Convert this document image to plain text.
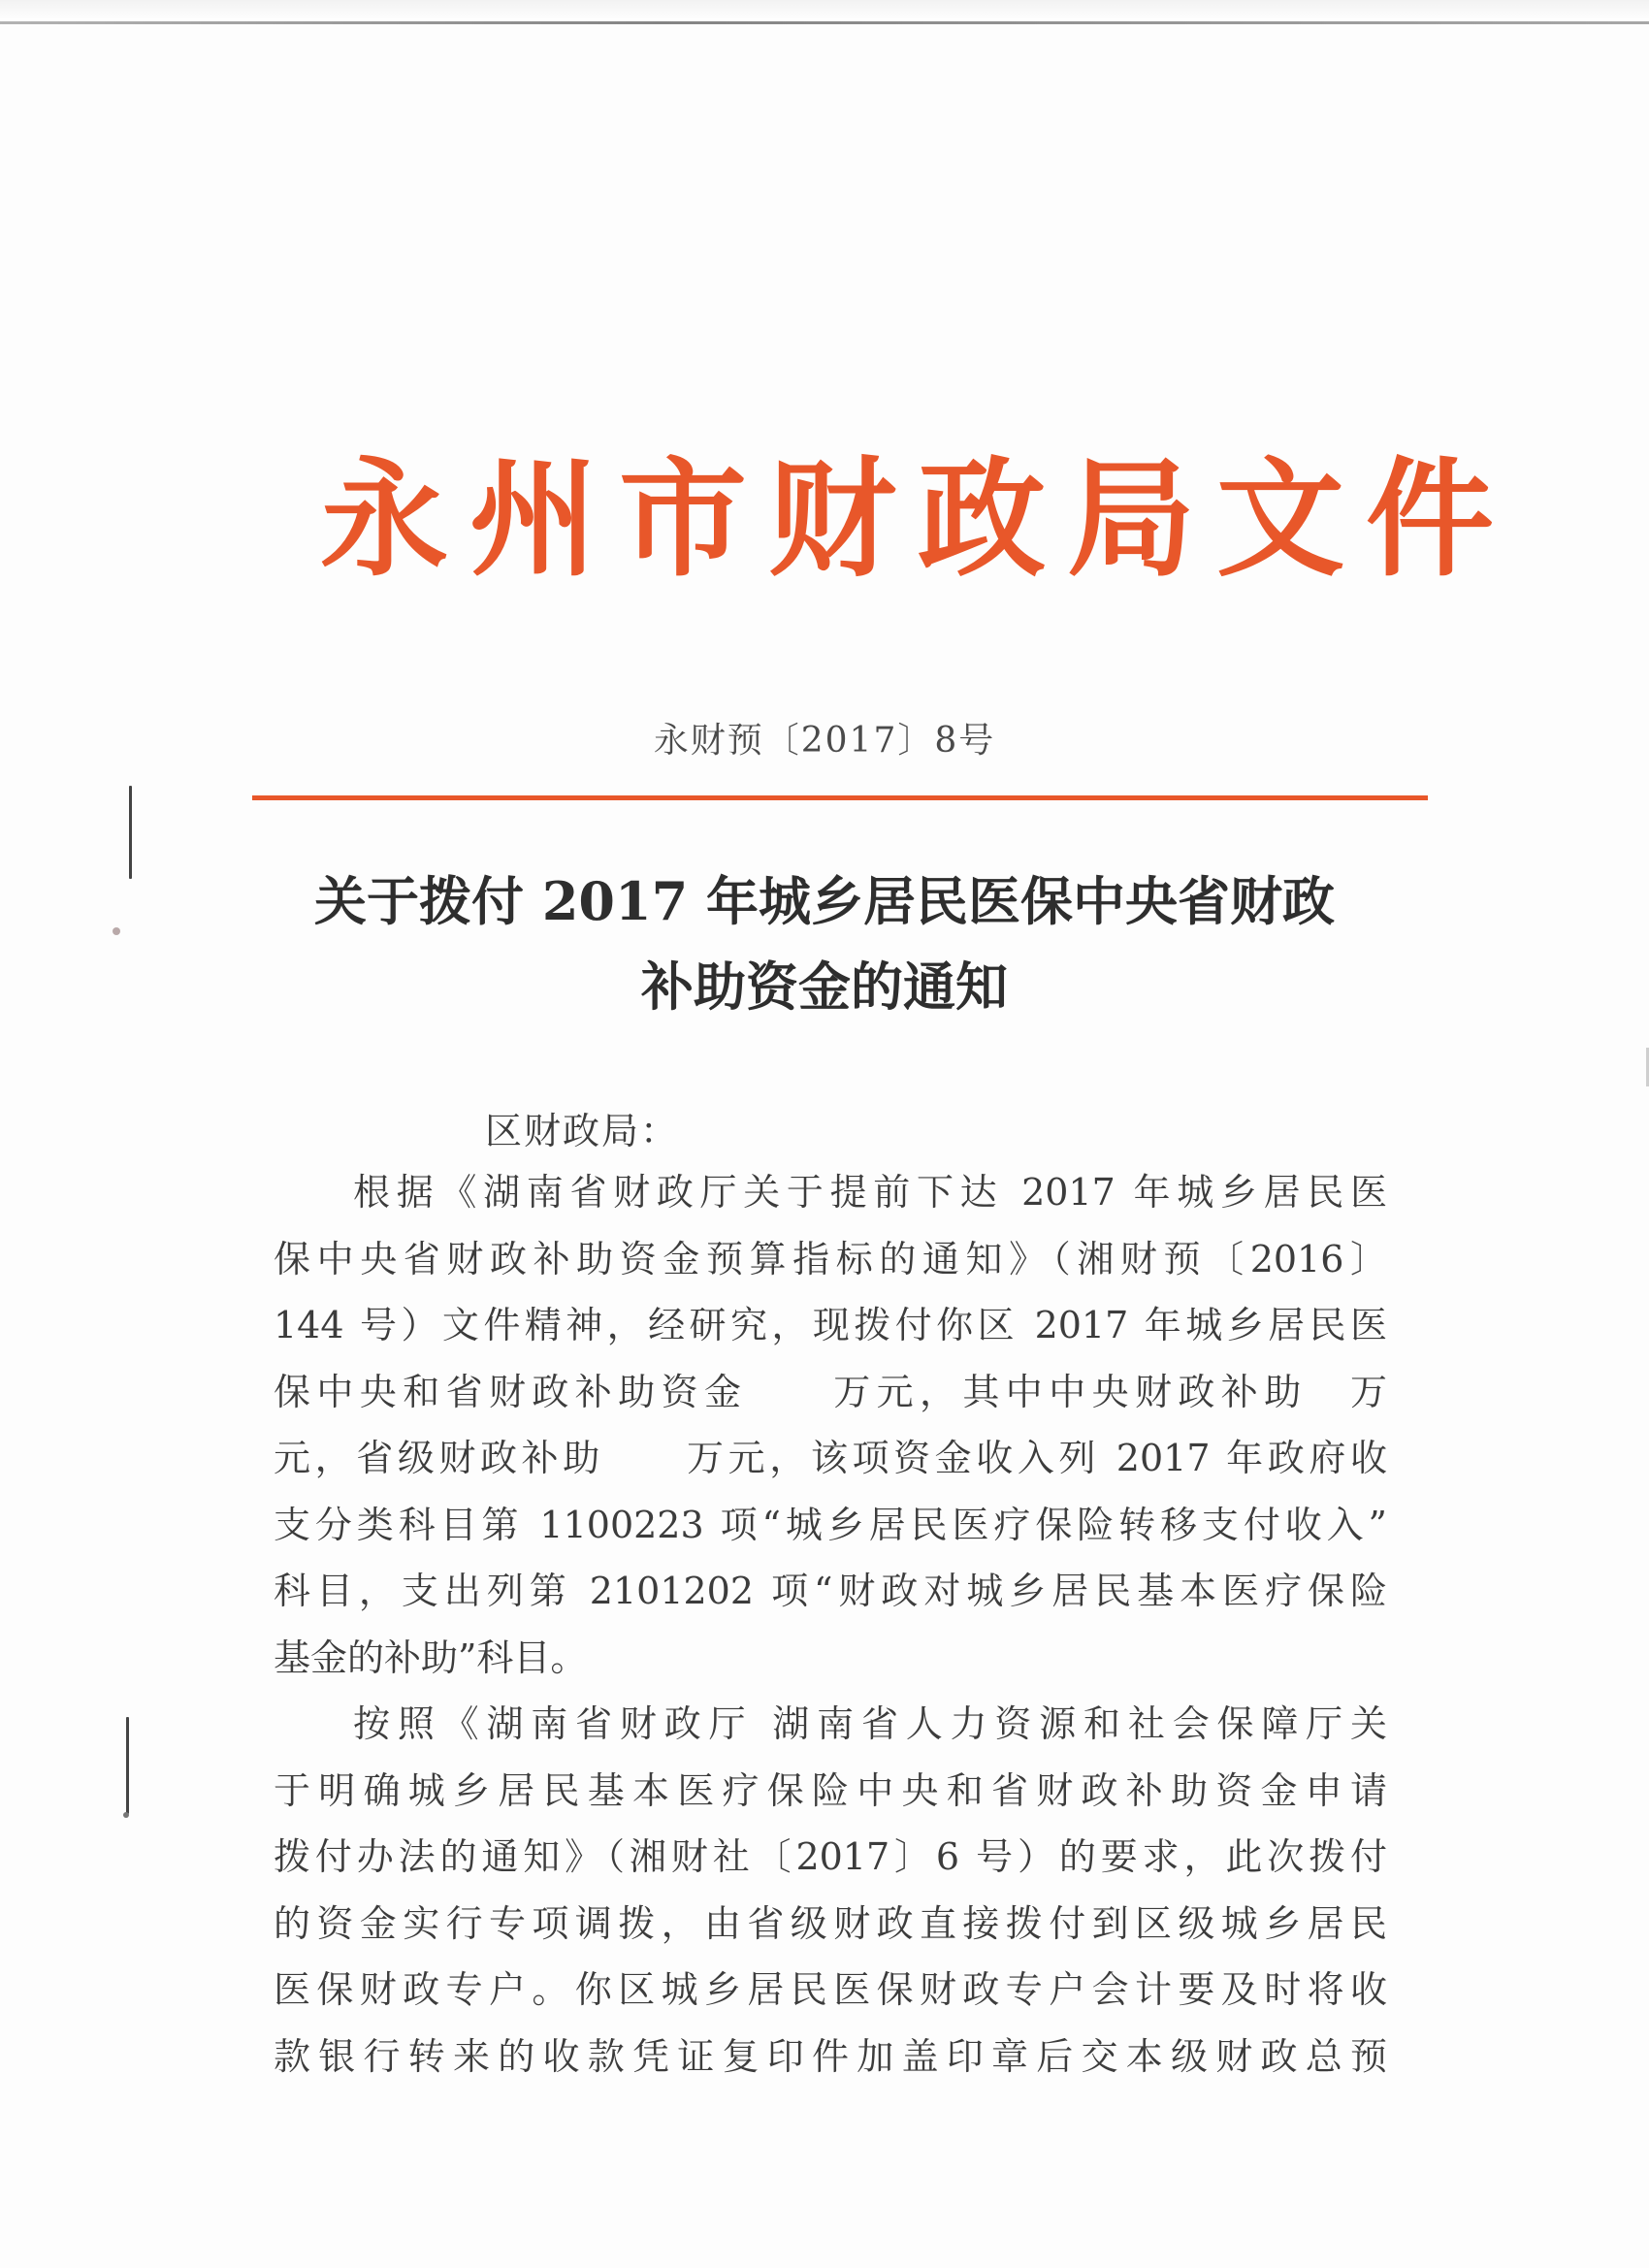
永州市财政局文件
永财预〔2017〕8号
关于拨付 2017 年城乡居民医保中央省财政
补助资金的通知
区财政局：
根据《湖南省财政厅关于提前下达 2017 年城乡居民医
保中央省财政补助资金预算指标的通知》（湘财预〔2016〕
144 号）文件精神，经研究，现拨付你区 2017 年城乡居民医
保中央和省财政补助资金　　万元，其中中央财政补助　万
元，省级财政补助　　万元，该项资金收入列 2017 年政府收
支分类科目第 1100223 项“城乡居民医疗保险转移支付收入”
科目，支出列第 2101202 项“财政对城乡居民基本医疗保险
基金的补助”科目。
按照《湖南省财政厅 湖南省人力资源和社会保障厅关
于明确城乡居民基本医疗保险中央和省财政补助资金申请
拨付办法的通知》（湘财社〔2017〕6 号）的要求，此次拨付
的资金实行专项调拨，由省级财政直接拨付到区级城乡居民
医保财政专户。你区城乡居民医保财政专户会计要及时将收
款银行转来的收款凭证复印件加盖印章后交本级财政总预
